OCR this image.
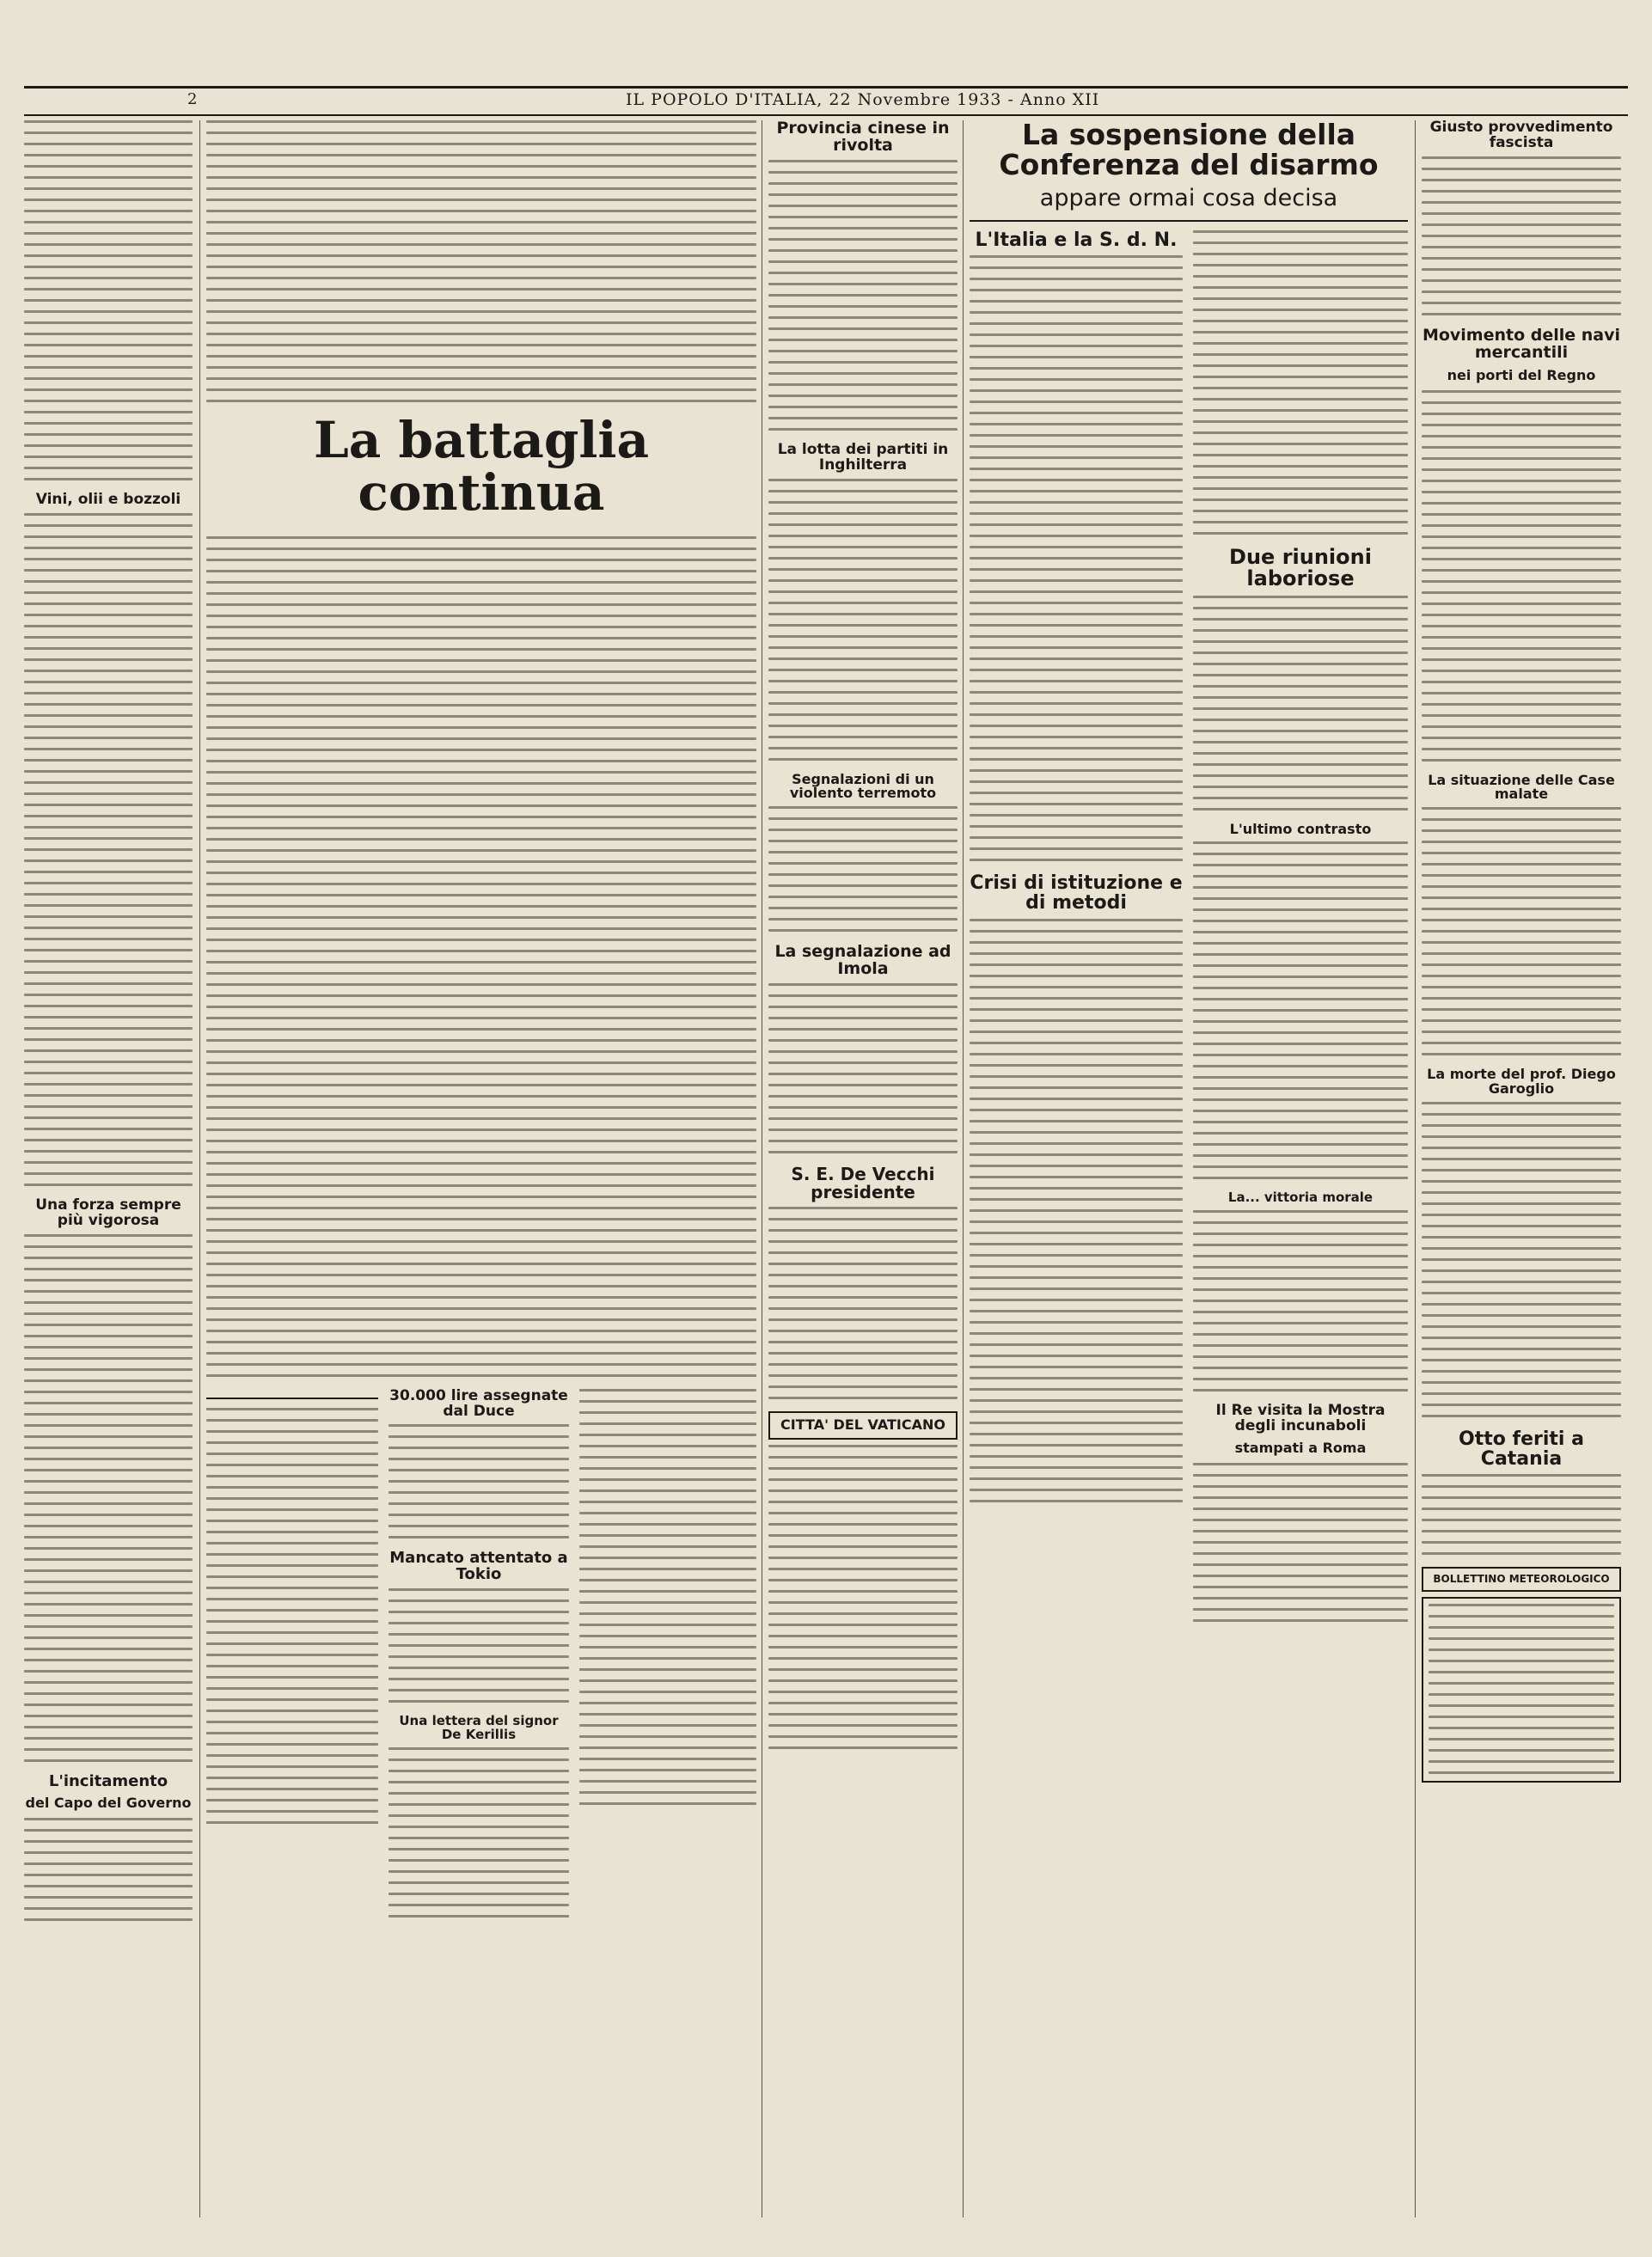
2	IL POPOLO D'ITALIA, 22 Novembre 1933 - Anno XII
Vini, olii e bozzoli
Una forza sempre più vigorosa
L'incitamento
del Capo del Governo
La battaglia continua
30.000 lire assegnate dal Duce
Mancato attentato a Tokio
Una lettera del signor De Kerillis
Provincia cinese in rivolta
La lotta dei partiti in Inghilterra
Segnalazioni di un violento terremoto
La segnalazione ad Imola
S. E. De Vecchi presidente
CITTA' DEL VATICANO
La sospensione della Conferenza del disarmo
appare ormai cosa decisa
L'Italia e la S. d. N.
Crisi di istituzione e di metodi
Due riunioni laboriose
L'ultimo contrasto
La... vittoria morale
Il Re visita la Mostra degli incunaboli
stampati a Roma
Giusto provvedimento fascista
Movimento delle navi mercantili
nei porti del Regno
La situazione delle Case malate
La morte del prof. Diego Garoglio
Otto feriti a Catania
BOLLETTINO METEOROLOGICO
